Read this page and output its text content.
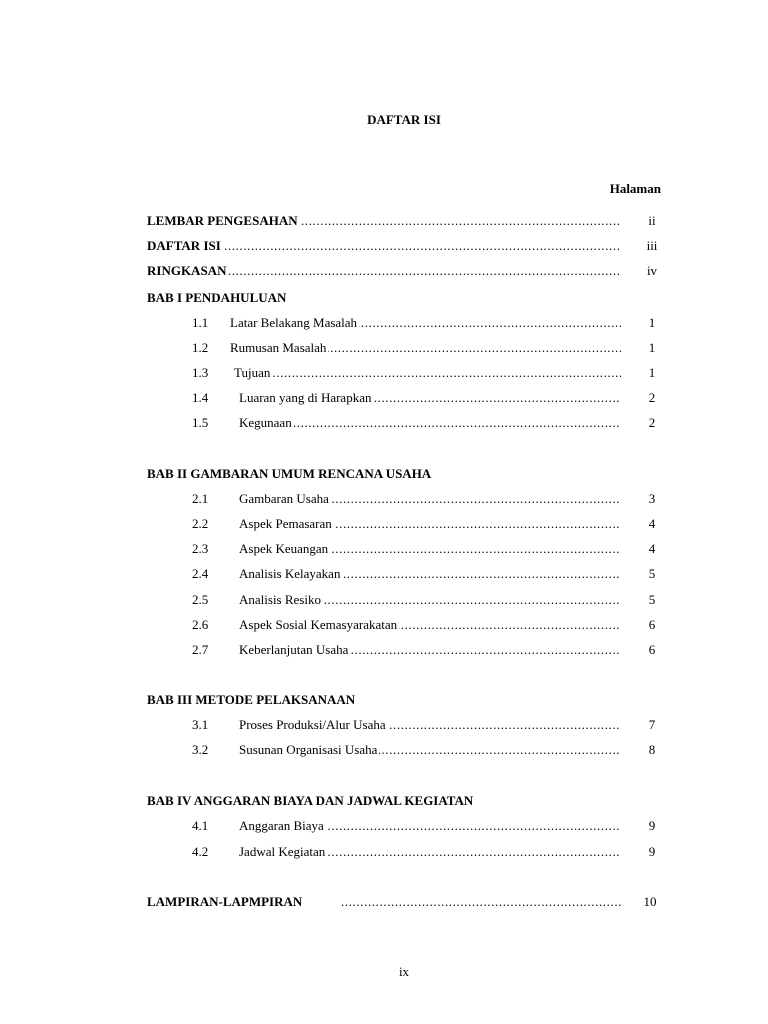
DAFTAR ISI
Halaman
.....
LEMBAR PENGESAHAN	ii
.....
DAFTAR ISI	iii
.....
RINGKASAN	iv
BAB I PENDAHULUAN
1.1 ..... Latar Belakang Masalah	1
1.2 ..... Rumusan Masalah	1
1.3 ..... Tujuan	1
1.4 ..... Luaran yang di Harapkan	2
1.5 ..... Kegunaan	2
BAB II GAMBARAN UMUM RENCANA USAHA
2.1 ..... Gambaran Usaha	3
2.2 ..... Aspek Pemasaran	4
2.3 ..... Aspek Keuangan	4
2.4 ..... Analisis Kelayakan	5
2.5 ..... Analisis Resiko	5
2.6 ..... Aspek Sosial Kemasyarakatan	6
2.7 ..... Keberlanjutan Usaha	6
BAB III METODE PELAKSANAAN
3.1 ..... Proses Produksi/Alur Usaha	7
3.2 ..... Susunan Organisasi Usaha	8
BAB IV ANGGARAN BIAYA DAN JADWAL KEGIATAN
4.1 ..... Anggaran Biaya	9
4.2 ..... Jadwal Kegiatan	9
.....
LAMPIRAN-LAPMPIRAN	10
ix
